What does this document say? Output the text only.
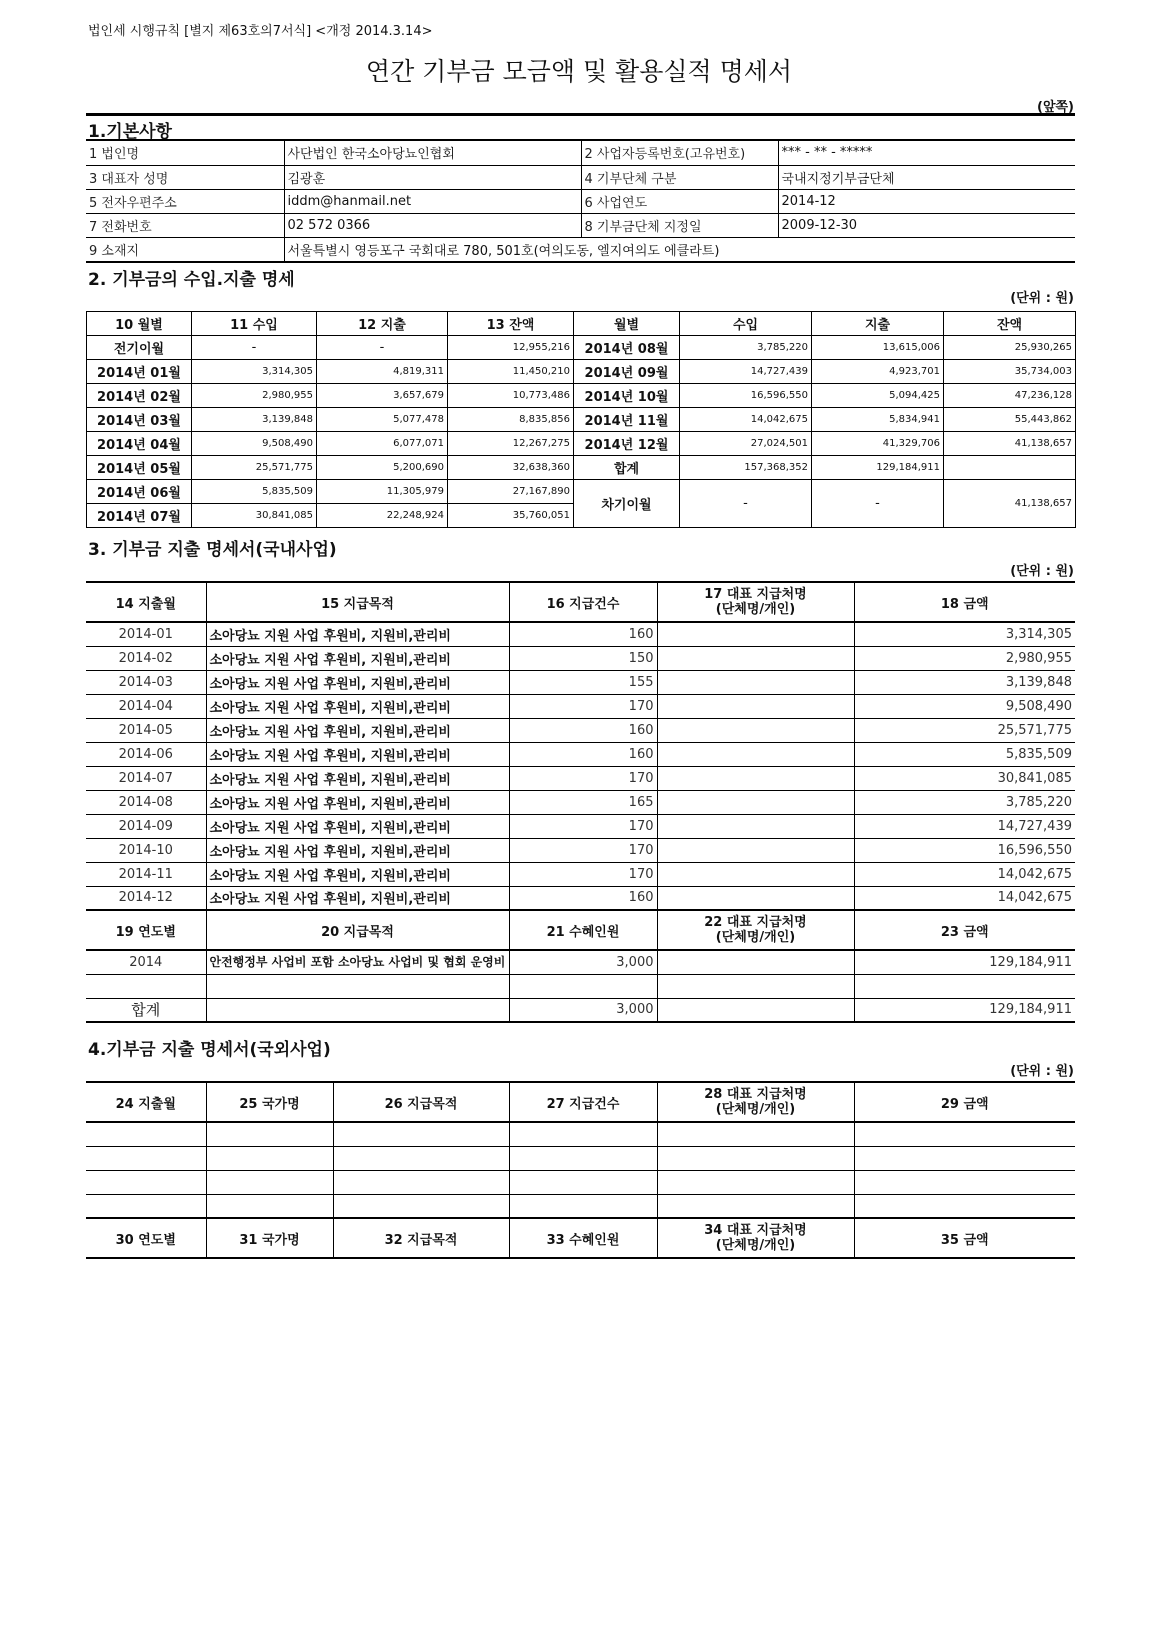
법인세 시행규칙 [별지 제63호의7서식] <개정 2014.3.14>
연간 기부금 모금액 및 활용실적 명세서
(앞쪽)
1.기본사항
1 법인명	사단법인 한국소아당뇨인협회	2 사업자등록번호(고유번호)	*** - ** - *****
3 대표자 성명	김광훈	4 기부단체 구분	국내지정기부금단체
5 전자우편주소	iddm@hanmail.net	6 사업연도	2014-12
7 전화번호	02 572 0366	8 기부금단체 지정일	2009-12-30
9 소재지	서울특별시 영등포구 국회대로 780, 501호(여의도동, 엘지여의도 에클라트)		
2. 기부금의 수입.지출 명세
(단위 : 원)
10 월별	11 수입	12 지출	13 잔액	월별	수입	지출	잔액
전기이월	-	-	12,955,216	2014년 08월	3,785,220	13,615,006	25,930,265
2014년 01월	3,314,305	4,819,311	11,450,210	2014년 09월	14,727,439	4,923,701	35,734,003
2014년 02월	2,980,955	3,657,679	10,773,486	2014년 10월	16,596,550	5,094,425	47,236,128
2014년 03월	3,139,848	5,077,478	8,835,856	2014년 11월	14,042,675	5,834,941	55,443,862
2014년 04월	9,508,490	6,077,071	12,267,275	2014년 12월	27,024,501	41,329,706	41,138,657
2014년 05월	25,571,775	5,200,690	32,638,360	합계	157,368,352	129,184,911	
2014년 06월	5,835,509	11,305,979	27,167,890	차기이월	-	-	41,138,657
2014년 07월	30,841,085	22,248,924	35,760,051				
3. 기부금 지출 명세서(국내사업)
(단위 : 원)
14 지출월	15 지급목적	16 지급건수	17 대표 지급처명
(단체명/개인)	18 금액
2014-01	소아당뇨 지원 사업 후원비, 지원비,관리비	160		3,314,305
2014-02	소아당뇨 지원 사업 후원비, 지원비,관리비	150		2,980,955
2014-03	소아당뇨 지원 사업 후원비, 지원비,관리비	155		3,139,848
2014-04	소아당뇨 지원 사업 후원비, 지원비,관리비	170		9,508,490
2014-05	소아당뇨 지원 사업 후원비, 지원비,관리비	160		25,571,775
2014-06	소아당뇨 지원 사업 후원비, 지원비,관리비	160		5,835,509
2014-07	소아당뇨 지원 사업 후원비, 지원비,관리비	170		30,841,085
2014-08	소아당뇨 지원 사업 후원비, 지원비,관리비	165		3,785,220
2014-09	소아당뇨 지원 사업 후원비, 지원비,관리비	170		14,727,439
2014-10	소아당뇨 지원 사업 후원비, 지원비,관리비	170		16,596,550
2014-11	소아당뇨 지원 사업 후원비, 지원비,관리비	170		14,042,675
2014-12	소아당뇨 지원 사업 후원비, 지원비,관리비	160		14,042,675
19 연도별	20 지급목적	21 수혜인원	22 대표 지급처명
(단체명/개인)	23 금액
2014	안전행정부 사업비 포함 소아당뇨 사업비 및 협회 운영비	3,000		129,184,911

합계		3,000		129,184,911
4.기부금 지출 명세서(국외사업)
(단위 : 원)
24 지출월	25 국가명	26 지급목적	27 지급건수	28 대표 지급처명
(단체명/개인)	29 금액

30 연도별	31 국가명	32 지급목적	33 수혜인원	34 대표 지급처명
(단체명/개인)	35 금액
